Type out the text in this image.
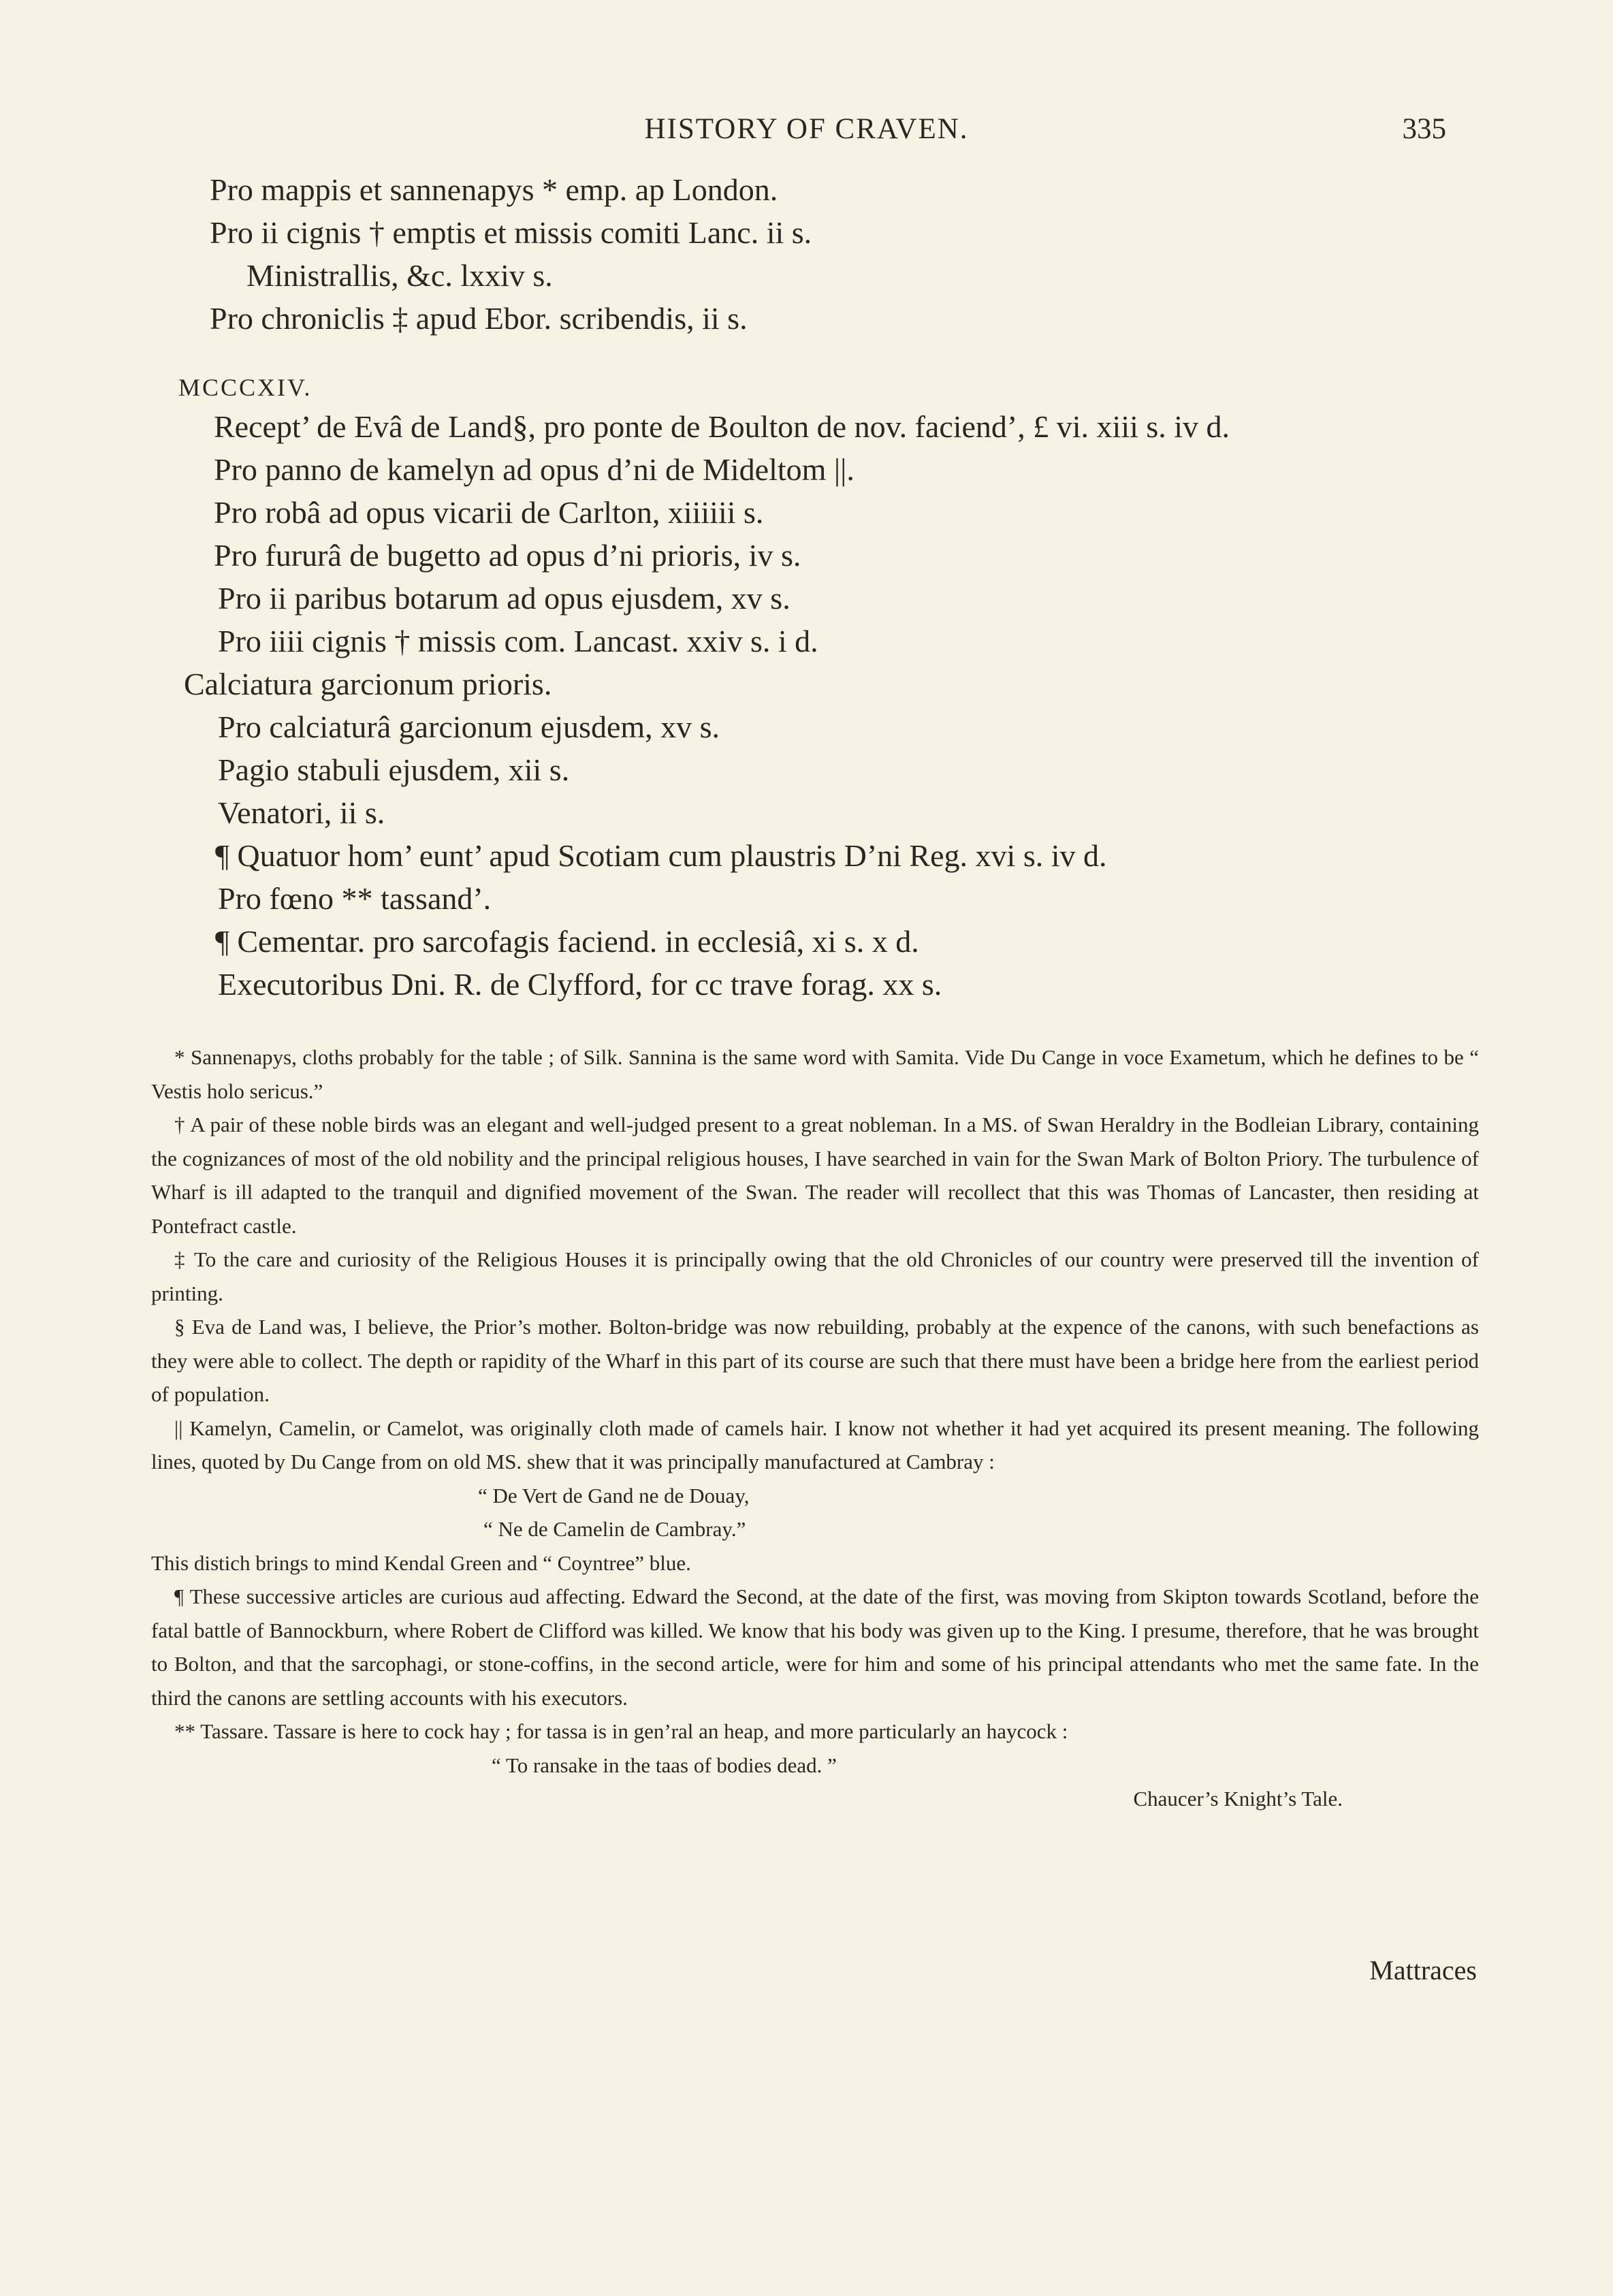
HISTORY OF CRAVEN.	335
Pro mappis et sannenapys * emp. ap London.
Pro ii cignis † emptis et missis comiti Lanc. ii s.
Ministrallis, &c. lxxiv s.
Pro chroniclis ‡ apud Ebor. scribendis, ii s.
MCCCXIV.
Recept’ de Evâ de Land§, pro ponte de Boulton de nov. faciend’, £ vi. xiii s. iv d.
Pro panno de kamelyn ad opus d’ni de Mideltom ||.
Pro robâ ad opus vicarii de Carlton, xiiiiii s.
Pro fururâ de bugetto ad opus d’ni prioris, iv s.
Pro ii paribus botarum ad opus ejusdem, xv s.
Pro iiii cignis † missis com. Lancast. xxiv s. i d.
Calciatura garcionum prioris.
Pro calciaturâ garcionum ejusdem, xv s.
Pagio stabuli ejusdem, xii s.
Venatori, ii s.
¶ Quatuor hom’ eunt’ apud Scotiam cum plaustris D’ni Reg. xvi s. iv d.
Pro fœno ** tassand’.
¶ Cementar. pro sarcofagis faciend. in ecclesiâ, xi s. x d.
Executoribus Dni. R. de Clyfford, for cc trave forag. xx s.

* Sannenapys, cloths probably for the table ; of Silk. Sannina is the same word with Samita. Vide Du Cange in voce Exametum, which he defines to be “ Vestis holo sericus.”

† A pair of these noble birds was an elegant and well-judged present to a great nobleman. In a MS. of Swan Heraldry in the Bodleian Library, containing the cognizances of most of the old nobility and the principal religious houses, I have searched in vain for the Swan Mark of Bolton Priory. The turbulence of Wharf is ill adapted to the tranquil and dignified movement of the Swan. The reader will recollect that this was Thomas of Lancaster, then residing at Pontefract castle.

‡ To the care and curiosity of the Religious Houses it is principally owing that the old Chronicles of our country were preserved till the invention of printing.

§ Eva de Land was, I believe, the Prior’s mother. Bolton-bridge was now rebuilding, probably at the expence of the canons, with such benefactions as they were able to collect. The depth or rapidity of the Wharf in this part of its course are such that there must have been a bridge here from the earliest period of population.

|| Kamelyn, Camelin, or Camelot, was originally cloth made of camels hair. I know not whether it had yet acquired its present meaning. The following lines, quoted by Du Cange from on old MS. shew that it was principally manufactured at Cambray :

“ De Vert de Gand ne de Douay,

“ Ne de Camelin de Cambray.”

This distich brings to mind Kendal Green and “ Coyntree” blue.

¶ These successive articles are curious aud affecting. Edward the Second, at the date of the first, was moving from Skipton towards Scotland, before the fatal battle of Bannockburn, where Robert de Clifford was killed. We know that his body was given up to the King. I presume, therefore, that he was brought to Bolton, and that the sarcophagi, or stone-coffins, in the second article, were for him and some of his principal attendants who met the same fate. In the third the canons are settling accounts with his executors.

** Tassare. Tassare is here to cock hay ; for tassa is in gen’ral an heap, and more particularly an haycock :

“ To ransake in the taas of bodies dead. ”

Chaucer’s Knight’s Tale.

Mattraces
